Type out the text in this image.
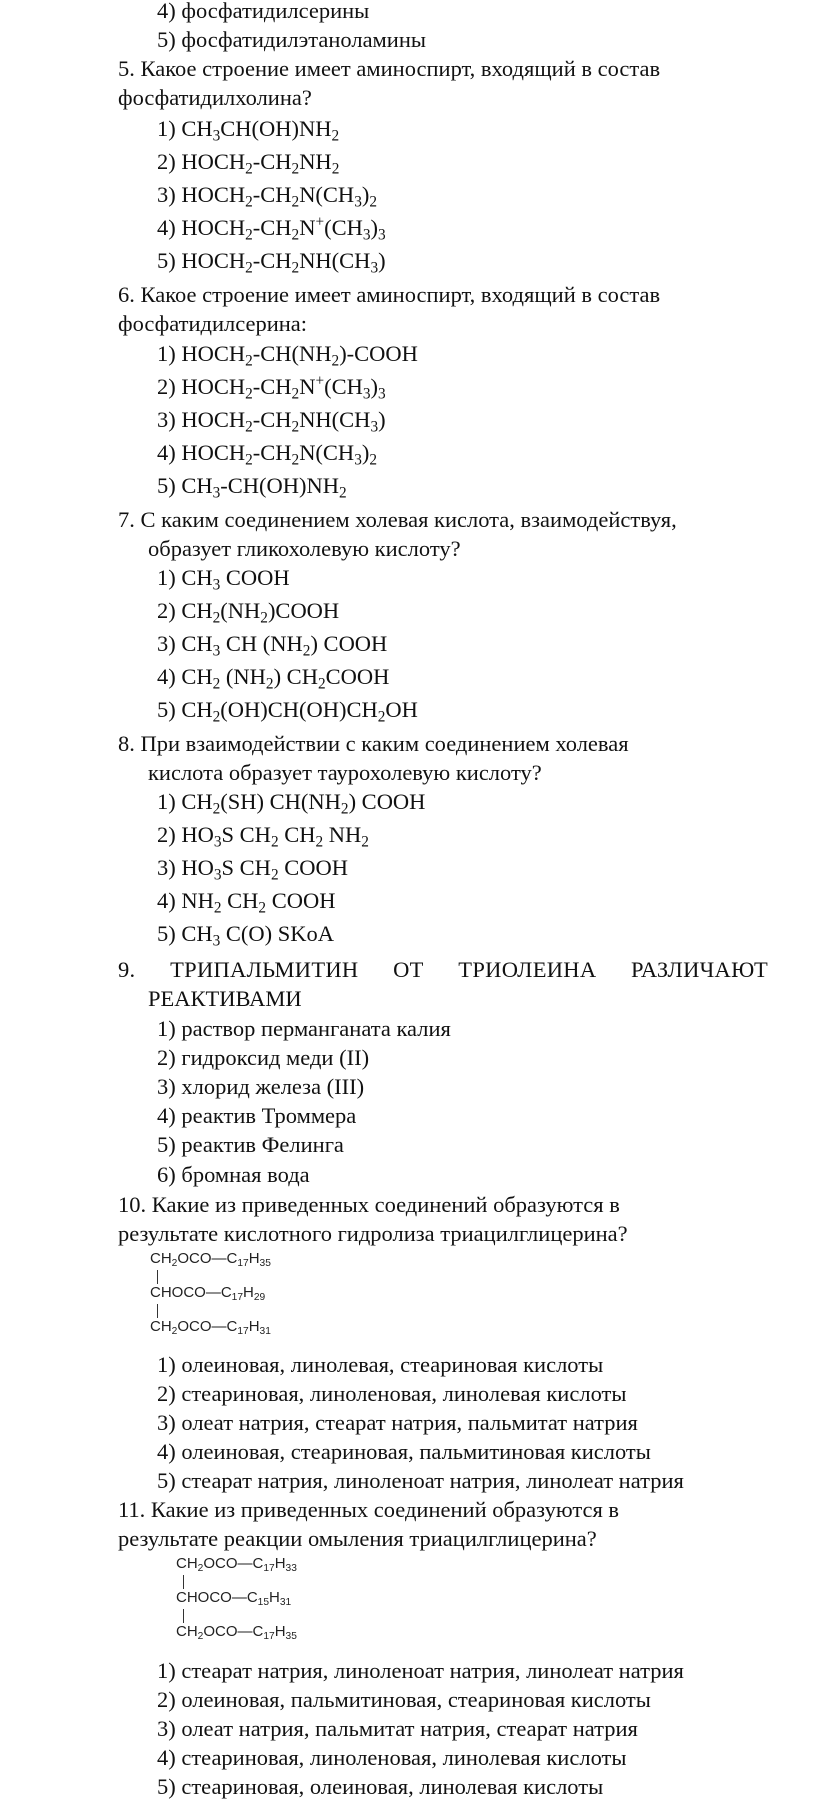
4) фосфатидилсерины
5) фосфатидилэтаноламины
5. Какое строение имеет аминоспирт, входящий в состав
фосфатидилхолина?
1) $CH_3CH(OH)NH_2$
2) $HOCH_2-CH_2NH_2$
3) $HOCH_2-CH_2N(CH_3)_2$
4) $HOCH_2-CH_2N^+(CH_3)_3$
5) $HOCH_2-CH_2NH(CH_3)$
6. Какое строение имеет аминоспирт, входящий в состав
фосфатидилсерина:
1) $HOCH_2-CH(NH_2)$-COOH
2) $HOCH_2-CH_2N^+(CH_3)_3$
3) $HOCH_2-CH_2NH(CH_3)$
4) $HOCH_2-CH_2N(CH_3)_2$
5) $CH_3-CH(OH)NH_2$
7. С каким соединением холевая кислота, взаимодействуя,
образует гликохолевую кислоту?
1) $CH_3$ COOH
2) $CH_2(NH_2)COOH$
3) $CH_3$ CH $(NH_2)$ COOH
4) $CH_2$ $(NH_2)$ $CH_2COOH$
5) $CH_2(OH)CH(OH)CH_2OH$
8. При взаимодействии с каким соединением холевая
кислота образует таурохолевую кислоту?
1) $CH_2(SH)$ $CH(NH_2)$ COOH
2) $HO_3S$ $CH_2$ $CH_2$ $NH_2$
3) $HO_3S$ $CH_2$ COOH
4) $NH_2$ $CH_2$ COOH
5) $CH_3$ C(O) SKoA
9. ТРИПАЛЬМИТИН ОТ ТРИОЛЕИНА РАЗЛИЧАЮТ
РЕАКТИВАМИ
1) раствор перманганата калия
2) гидроксид меди (II)
3) хлорид железа (III)
4) реактив Троммера
5) реактив Фелинга
6) бромная вода
10. Какие из приведенных соединений образуются в
результате кислотного гидролиза триацилглицерина?
$CH_2OCO—C_{17}H_{35}$
$CHOCO—C_{17}H_{29}$
$CH_2OCO—C_{17}H_{31}$
1) олеиновая, линолевая, стеариновая кислоты
2) стеариновая, линоленовая, линолевая кислоты
3) олеат натрия, стеарат натрия, пальмитат натрия
4) олеиновая, стеариновая, пальмитиновая кислоты
5) стеарат натрия, линоленоат натрия, линолеат натрия
11. Какие из приведенных соединений образуются в
результате реакции омыления триацилглицерина?
$CH_2OCO—C_{17}H_{33}$
$CHOCO—C_{15}H_{31}$
$CH_2OCO—C_{17}H_{35}$
1) стеарат натрия, линоленоат натрия, линолеат натрия
2) олеиновая, пальмитиновая, стеариновая кислоты
3) олеат натрия, пальмитат натрия, стеарат натрия
4) стеариновая, линоленовая, линолевая кислоты
5) стеариновая, олеиновая, линолевая кислоты
